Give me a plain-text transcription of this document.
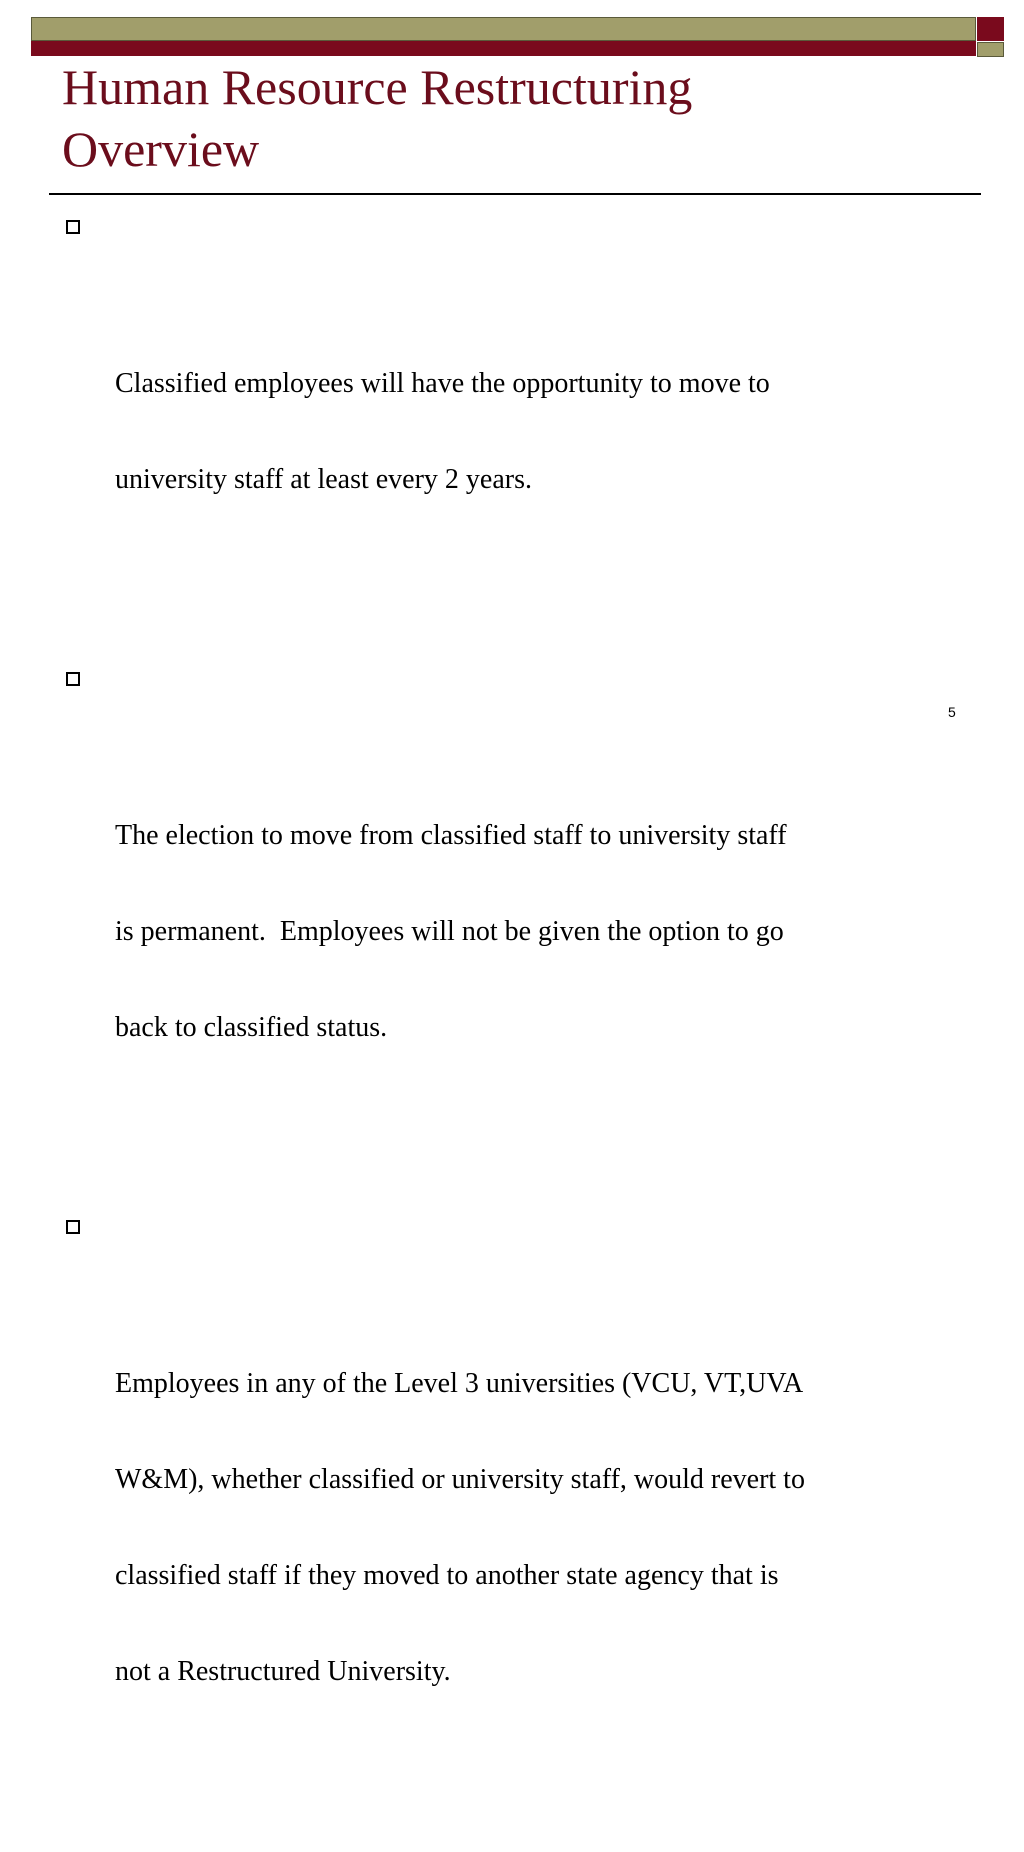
Human Resource Restructuring
Overview

Classified employees will have the opportunity to move to

university staff at least every 2 years.

The election to move from classified staff to university staff

is permanent.  Employees will not be given the option to go

back to classified status.

Employees in any of the Level 3 universities (VCU, VT,UVA

W&M), whether classified or university staff, would revert to

classified staff if they moved to another state agency that is

not a Restructured University.

5
